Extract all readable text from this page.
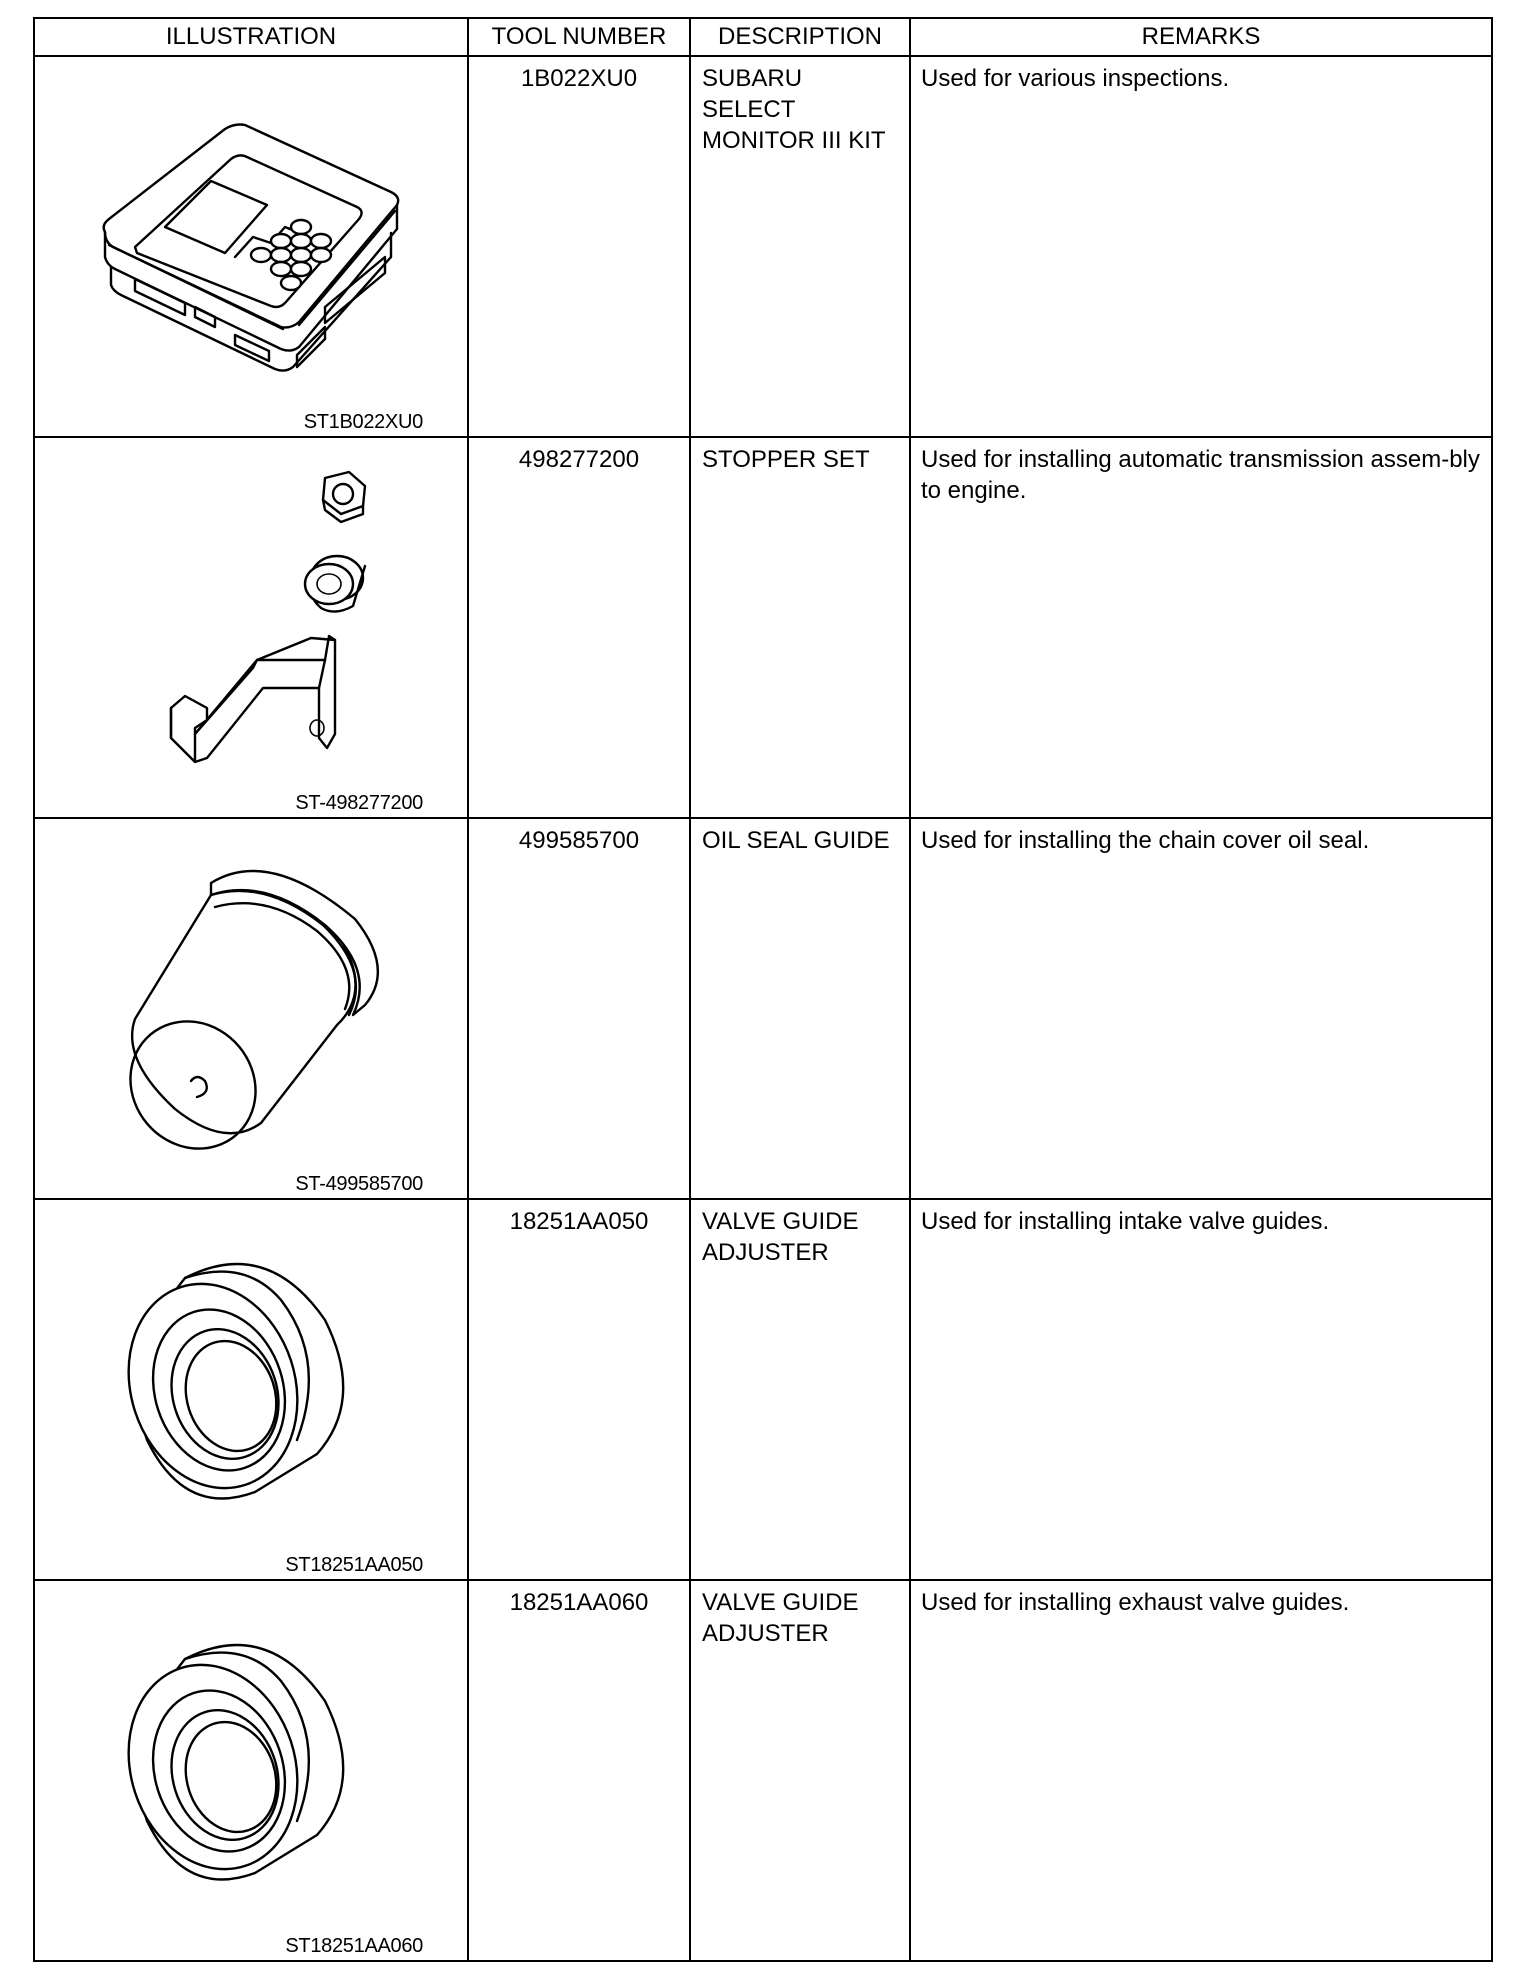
ILLUSTRATION	TOOL NUMBER	DESCRIPTION	REMARKS

ST1B022XU0	1B022XU0	SUBARU SELECT MONITOR III KIT	Used for various inspections.

ST-498277200	498277200	STOPPER SET	Used for installing automatic transmission assem-bly to engine.

ST-499585700	499585700	OIL SEAL GUIDE	Used for installing the chain cover oil seal.

ST18251AA050	18251AA050	VALVE GUIDE ADJUSTER	Used for installing intake valve guides.

ST18251AA060	18251AA060	VALVE GUIDE ADJUSTER	Used for installing exhaust valve guides.
